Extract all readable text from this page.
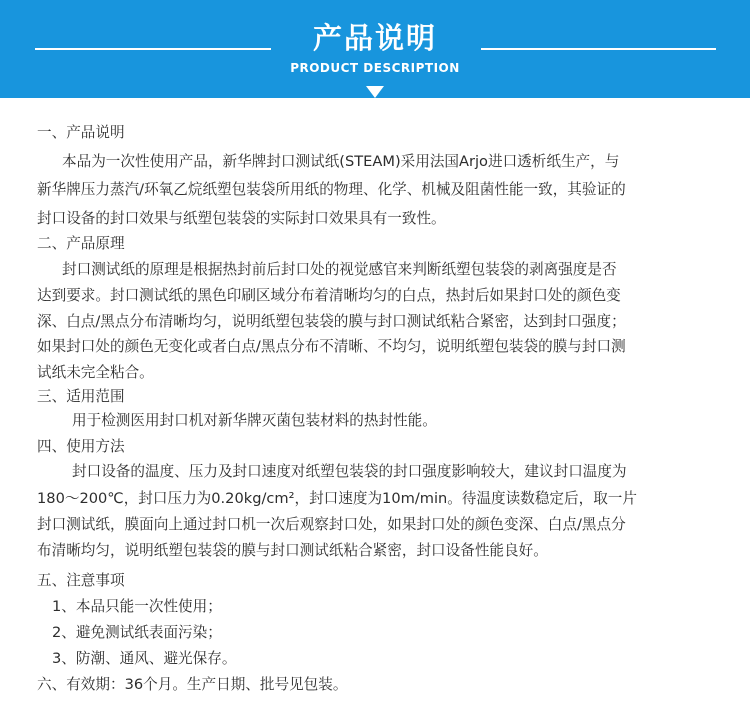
产品说明
PRODUCT DESCRIPTION
一、产品说明
本品为一次性使用产品，新华牌封口测试纸(STEAM)采用法国Arjo进口透析纸生产，与
新华牌压力蒸汽/环氧乙烷纸塑包装袋所用纸的物理、化学、机械及阻菌性能一致，其验证的
封口设备的封口效果与纸塑包装袋的实际封口效果具有一致性。
二、产品原理
封口测试纸的原理是根据热封前后封口处的视觉感官来判断纸塑包装袋的剥离强度是否
达到要求。封口测试纸的黑色印刷区域分布着清晰均匀的白点，热封后如果封口处的颜色变
深、白点/黑点分布清晰均匀，说明纸塑包装袋的膜与封口测试纸粘合紧密，达到封口强度；
如果封口处的颜色无变化或者白点/黑点分布不清晰、不均匀，说明纸塑包装袋的膜与封口测
试纸未完全粘合。
三、适用范围
用于检测医用封口机对新华牌灭菌包装材料的热封性能。
四、使用方法
封口设备的温度、压力及封口速度对纸塑包装袋的封口强度影响较大，建议封口温度为
180～200℃，封口压力为0.20kg/cm²，封口速度为10m/min。待温度读数稳定后，取一片
封口测试纸，膜面向上通过封口机一次后观察封口处，如果封口处的颜色变深、白点/黑点分
布清晰均匀，说明纸塑包装袋的膜与封口测试纸粘合紧密，封口设备性能良好。
五、注意事项
1、本品只能一次性使用；
2、避免测试纸表面污染；
3、防潮、通风、避光保存。
六、有效期：36个月。生产日期、批号见包装。
